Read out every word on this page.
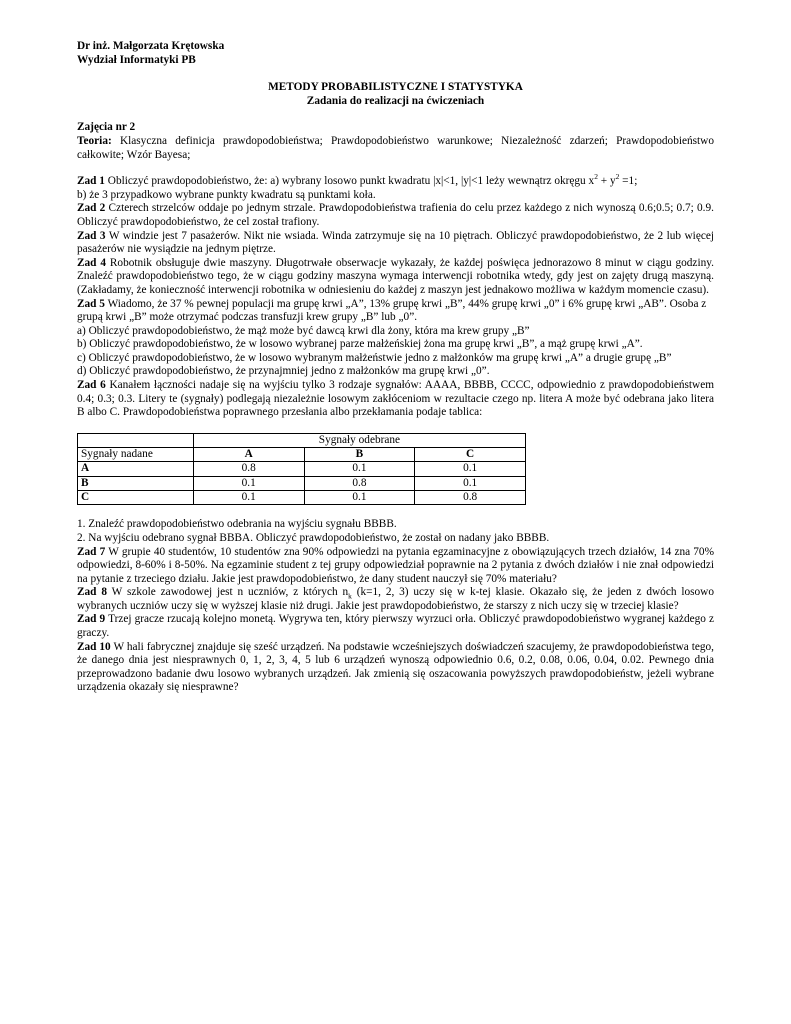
Dr inż. Małgorzata Krętowska
Wydział Informatyki PB
METODY PROBABILISTYCZNE I STATYSTYKA
Zadania do realizacji na ćwiczeniach
Zajęcia nr 2

Teoria: Klasyczna definicja prawdopodobieństwa; Prawdopodobieństwo warunkowe; Niezależność zdarzeń; Prawdopodobieństwo całkowite; Wzór Bayesa;

Zad 1 Obliczyć prawdopodobieństwo, że: a) wybrany losowo punkt kwadratu |x|<1, |y|<1 leży wewnątrz okręgu $x^2 + y^2 =1$;

b) że 3 przypadkowo wybrane punkty kwadratu są punktami koła.

Zad 2 Czterech strzelców oddaje po jednym strzale. Prawdopodobieństwa trafienia do celu przez każdego z nich wynoszą 0.6;0.5; 0.7; 0.9. Obliczyć prawdopodobieństwo, że cel został trafiony.

Zad 3 W windzie jest 7 pasażerów. Nikt nie wsiada. Winda zatrzymuje się na 10 piętrach. Obliczyć prawdopodobieństwo, że 2 lub więcej pasażerów nie wysiądzie na jednym piętrze.

Zad 4 Robotnik obsługuje dwie maszyny. Długotrwałe obserwacje wykazały, że każdej poświęca jednorazowo 8 minut w ciągu godziny. Znaleźć prawdopodobieństwo tego, że w ciągu godziny maszyna wymaga interwencji robotnika wtedy, gdy jest on zajęty drugą maszyną. (Zakładamy, że konieczność interwencji robotnika w odniesieniu do każdej z maszyn jest jednakowo możliwa w każdym momencie czasu).

Zad 5 Wiadomo, że 37 % pewnej populacji ma grupę krwi „A”, 13% grupę krwi „B”, 44% grupę krwi „0” i 6% grupę krwi „AB”. Osoba z grupą krwi „B” może otrzymać podczas transfuzji krew grupy „B” lub „0”.

a) Obliczyć prawdopodobieństwo, że mąż może być dawcą krwi dla żony, która ma krew grupy „B”

b) Obliczyć prawdopodobieństwo, że w losowo wybranej parze małżeńskiej żona ma grupę krwi „B”, a mąż grupę krwi „A”.

c) Obliczyć prawdopodobieństwo, że w losowo wybranym małżeństwie jedno z małżonków ma grupę krwi „A” a drugie grupę „B”

d) Obliczyć prawdopodobieństwo, że przynajmniej jedno z małżonków ma grupę krwi „0”.

Zad 6 Kanałem łączności nadaje się na wyjściu tylko 3 rodzaje sygnałów: AAAA, BBBB, CCCC, odpowiednio z prawdopodobieństwem 0.4; 0.3; 0.3. Litery te (sygnały) podlegają niezależnie losowym zakłóceniom w rezultacie czego np. litera A może być odebrana jako litera B albo C. Prawdopodobieństwa poprawnego przesłania albo przekłamania podaje tablica:

	Sygnały odebrane		
Sygnały nadane	A	B	C
A	0.8	0.1	0.1
B	0.1	0.8	0.1
C	0.1	0.1	0.8

1. Znaleźć prawdopodobieństwo odebrania na wyjściu sygnału BBBB.

2. Na wyjściu odebrano sygnał BBBA. Obliczyć prawdopodobieństwo, że został on nadany jako BBBB.

Zad 7 W grupie 40 studentów, 10 studentów zna 90% odpowiedzi na pytania egzaminacyjne z obowiązujących trzech działów, 14 zna 70% odpowiedzi, 8-60% i 8-50%. Na egzaminie student z tej grupy odpowiedział poprawnie na 2 pytania z dwóch działów i nie znał odpowiedzi na pytanie z trzeciego działu. Jakie jest prawdopodobieństwo, że dany student nauczył się 70% materiału?

Zad 8 W szkole zawodowej jest n uczniów, z których $n_k$ (k=1, 2, 3) uczy się w k-tej klasie. Okazało się, że jeden z dwóch losowo wybranych uczniów uczy się w wyższej klasie niż drugi. Jakie jest prawdopodobieństwo, że starszy z nich uczy się w trzeciej klasie?

Zad 9 Trzej gracze rzucają kolejno monetą. Wygrywa ten, który pierwszy wyrzuci orła. Obliczyć prawdopodobieństwo wygranej każdego z graczy.

Zad 10 W hali fabrycznej znajduje się sześć urządzeń. Na podstawie wcześniejszych doświadczeń szacujemy, że prawdopodobieństwa tego, że danego dnia jest niesprawnych 0, 1, 2, 3, 4, 5 lub 6 urządzeń wynoszą odpowiednio 0.6, 0.2, 0.08, 0.06, 0.04, 0.02. Pewnego dnia przeprowadzono badanie dwu losowo wybranych urządzeń. Jak zmienią się oszacowania powyższych prawdopodobieństw, jeżeli wybrane urządzenia okazały się niesprawne?
